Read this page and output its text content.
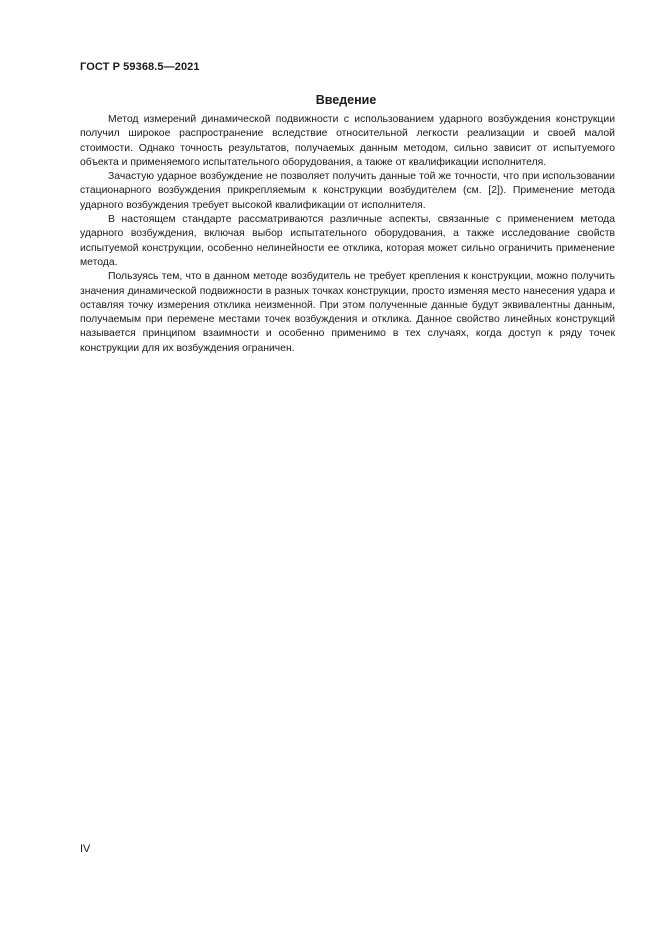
ГОСТ Р 59368.5—2021
Введение

Метод измерений динамической подвижности с использованием ударного возбуждения конструкции получил широкое распространение вследствие относительной легкости реализации и своей малой стоимости. Однако точность результатов, получаемых данным методом, сильно зависит от испытуемого объекта и применяемого испытательного оборудования, а также от квалификации исполнителя.

Зачастую ударное возбуждение не позволяет получить данные той же точности, что при использовании стационарного возбуждения прикрепляемым к конструкции возбудителем (см. [2]). Применение метода ударного возбуждения требует высокой квалификации от исполнителя.

В настоящем стандарте рассматриваются различные аспекты, связанные с применением метода ударного возбуждения, включая выбор испытательного оборудования, а также исследование свойств испытуемой конструкции, особенно нелинейности ее отклика, которая может сильно ограничить применение метода.

Пользуясь тем, что в данном методе возбудитель не требует крепления к конструкции, можно получить значения динамической подвижности в разных точках конструкции, просто изменяя место нанесения удара и оставляя точку измерения отклика неизменной. При этом полученные данные будут эквивалентны данным, получаемым при перемене местами точек возбуждения и отклика. Данное свойство линейных конструкций называется принципом взаимности и особенно применимо в тех случаях, когда доступ к ряду точек конструкции для их возбуждения ограничен.

IV
